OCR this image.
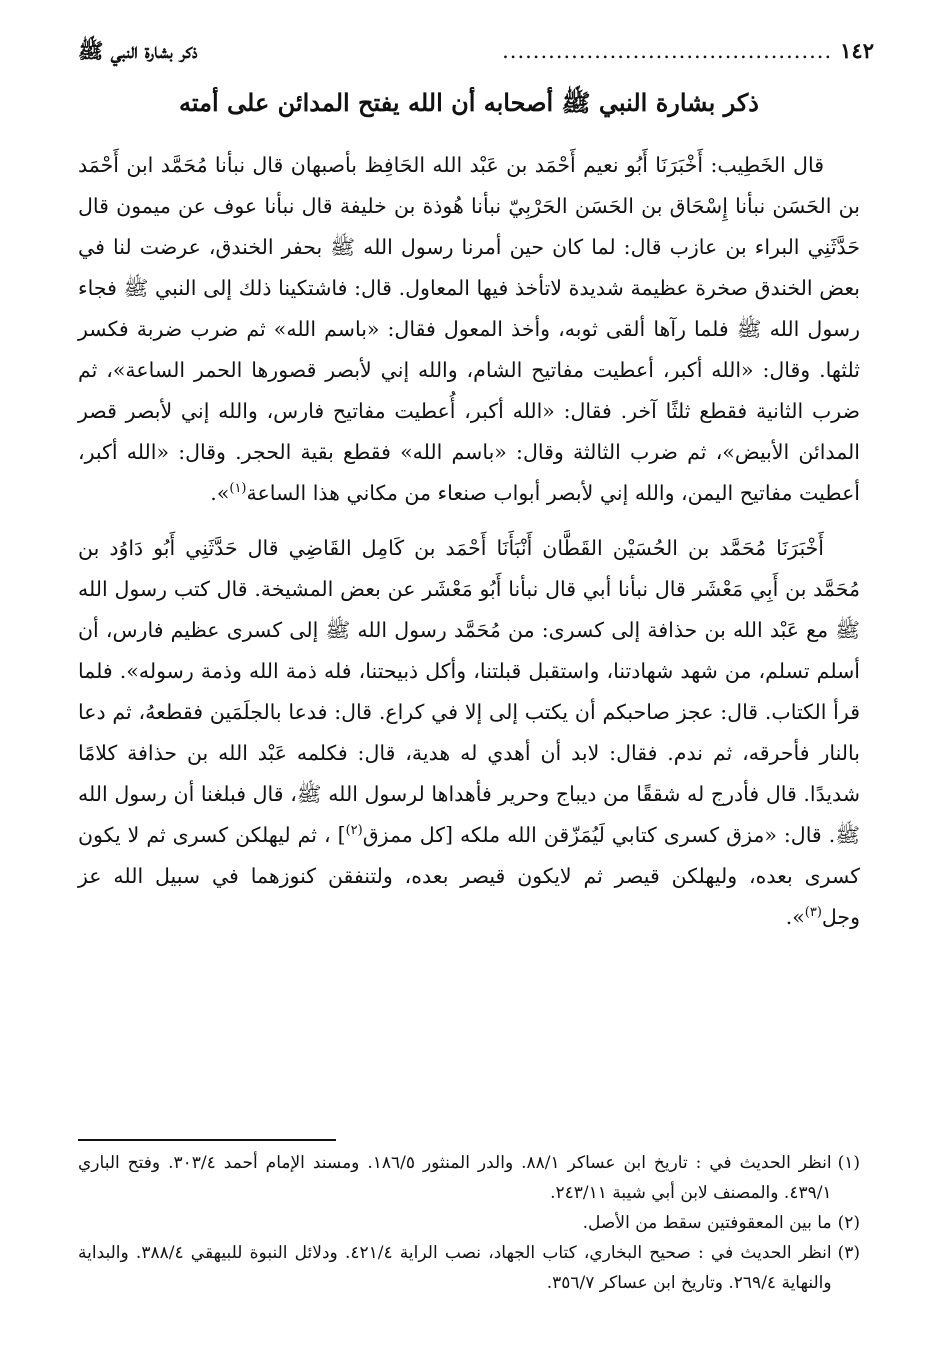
١٤٢
...........................................
ذكر بشارة النبي ﷺ
ذكر بشارة النبي ﷺ أصحابه أن الله يفتح المدائن على أمته

قال الخَطِيب: أَخْبَرَنَا أَبُو نعيم أَحْمَد بن عَبْد الله الحَافِظ بأصبهان قال نبأنا مُحَمَّد ابن أَحْمَد بن الحَسَن نبأنا إِسْحَاق بن الحَسَن الحَرْبِيّ نبأنا هُوذة بن خليفة قال نبأنا عوف عن ميمون قال حَدَّثَنِي البراء بن عازب قال: لما كان حين أمرنا رسول الله ﷺ بحفر الخندق، عرضت لنا في بعض الخندق صخرة عظيمة شديدة لاتأخذ فيها المعاول. قال: فاشتكينا ذلك إلى النبي ﷺ فجاء رسول الله ﷺ فلما رآها ألقى ثوبه، وأخذ المعول فقال: «باسم الله» ثم ضرب ضربة فكسر ثلثها. وقال: «الله أكبر، أعطيت مفاتيح الشام، والله إني لأبصر قصورها الحمر الساعة»، ثم ضرب الثانية فقطع ثلثًا آخر. فقال: «الله أكبر، أُعطيت مفاتيح فارس، والله إني لأبصر قصر المدائن الأبيض»، ثم ضرب الثالثة وقال: «باسم الله» فقطع بقية الحجر. وقال: «الله أكبر، أعطيت مفاتيح اليمن، والله إني لأبصر أبواب صنعاء من مكاني هذا الساعة$^{(١)}$».

أَخْبَرَنَا مُحَمَّد بن الحُسَيْن القَطَّان أَنْبَأَنَا أَحْمَد بن كَامِل القَاضِي قال حَدَّثَنِي أَبُو دَاوُد بن مُحَمَّد بن أَبِي مَعْشَر قال نبأنا أبي قال نبأنا أَبُو مَعْشَر عن بعض المشيخة. قال كتب رسول الله ﷺ مع عَبْد الله بن حذافة إلى كسرى: من مُحَمَّد رسول الله ﷺ إلى كسرى عظيم فارس، أن أسلم تسلم، من شهد شهادتنا، واستقبل قبلتنا، وأكل ذبيحتنا، فله ذمة الله وذمة رسوله». فلما قرأ الكتاب. قال: عجز صاحبكم أن يكتب إلى إلا في كراع. قال: فدعا بالجلَمَين فقطعهُ، ثم دعا بالنار فأحرقه، ثم ندم. فقال: لابد أن أهدي له هدية، قال: فكلمه عَبْد الله بن حذافة كلامًا شديدًا. قال فأدرج له شققًا من ديباج وحرير فأهداها لرسول الله ﷺ، قال فبلغنا أن رسول الله ﷺ. قال: «مزق كسرى كتابي لَيُمَزّقن الله ملكه [كل ممزق$^{(٢)}$] ، ثم ليهلكن كسرى ثم لا يكون كسرى بعده، وليهلكن قيصر ثم لايكون قيصر بعده، ولتنفقن كنوزهما في سبيل الله عز وجل$^{(٣)}$».

(١)
انظر الحديث في : تاريخ ابن عساكر ٨٨/١. والدر المنثور ١٨٦/٥. ومسند الإمام أحمد ٣٠٣/٤. وفتح الباري ٤٣٩/١. والمصنف لابن أبي شيبة ٢٤٣/١١.

(٢)
ما بين المعقوفتين سقط من الأصل.

(٣)
انظر الحديث في : صحيح البخاري، كتاب الجهاد، نصب الراية ٤٢١/٤. ودلائل النبوة للبيهقي ٣٨٨/٤. والبداية والنهاية ٢٦٩/٤. وتاريخ ابن عساكر ٣٥٦/٧.
